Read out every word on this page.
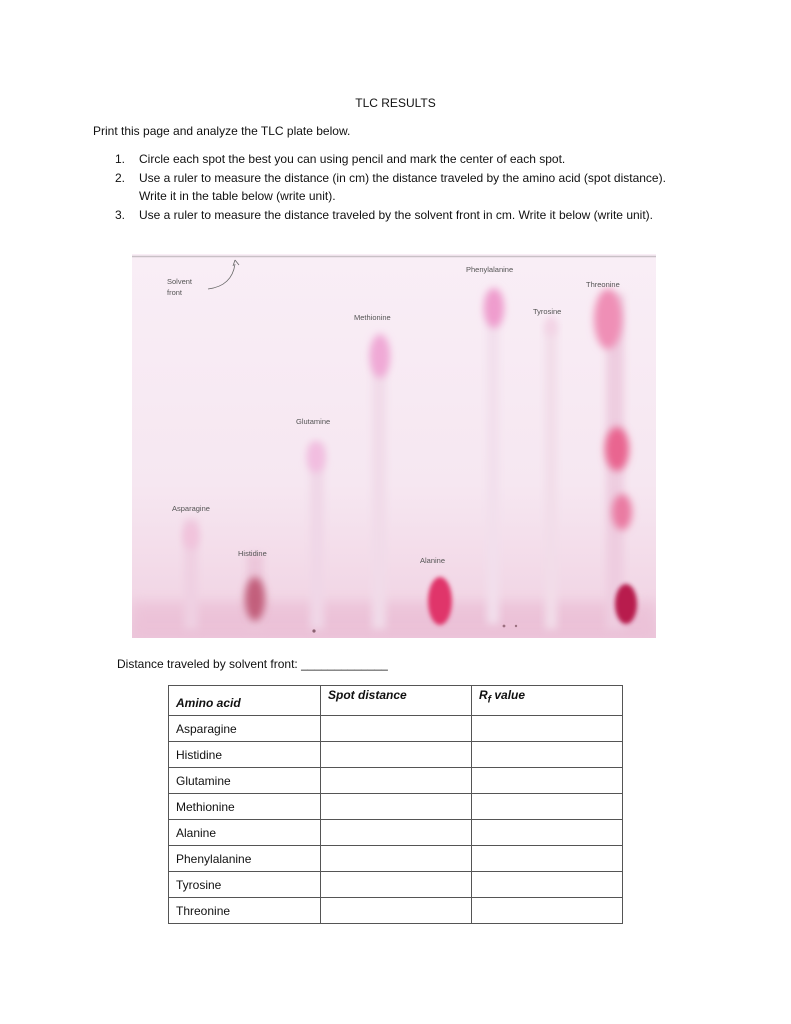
TLC RESULTS
Print this page and analyze the TLC plate below.
1. Circle each spot the best you can using pencil and mark the center of each spot.
2. Use a ruler to measure the distance (in cm) the distance traveled by the amino acid (spot distance). Write it in the table below (write unit).
3. Use a ruler to measure the distance traveled by the solvent front in cm. Write it below (write unit).
Solvent
front
Asparagine
Histidine
Glutamine
Methionine
Alanine
Phenylalanine
Tyrosine
Threonine
Distance traveled by solvent front: _____________
Amino acid	Spot distance	$R_f$ value
Asparagine		
Histidine		
Glutamine		
Methionine		
Alanine		
Phenylalanine		
Tyrosine		
Threonine		
